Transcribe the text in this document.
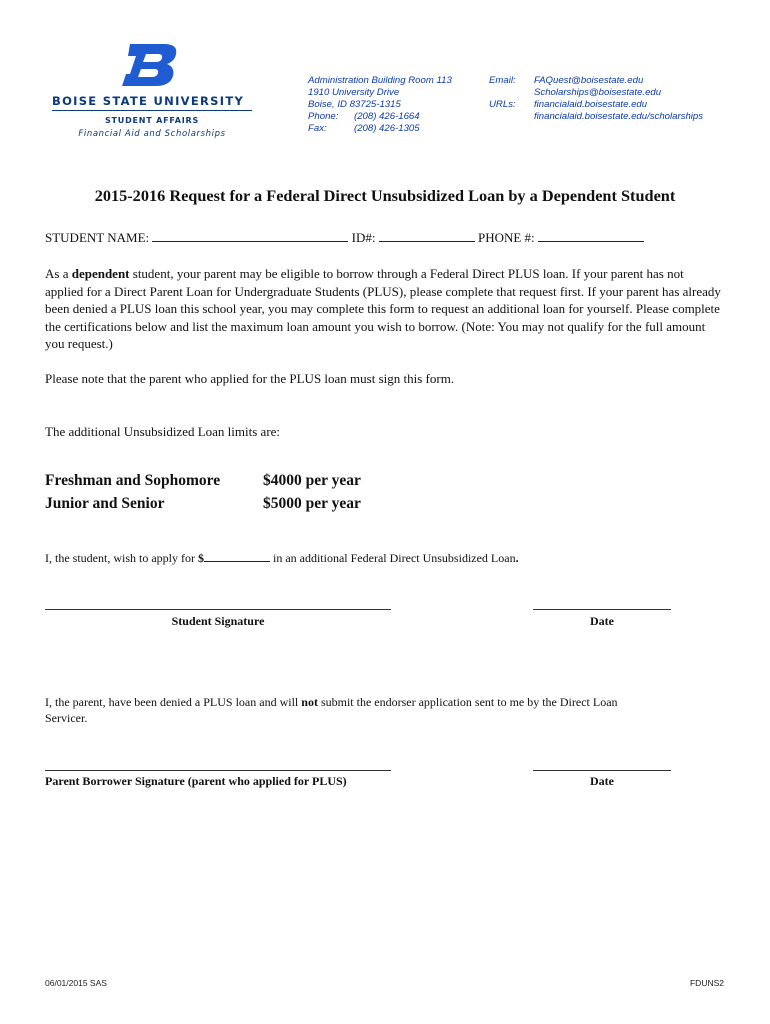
BOISE STATE UNIVERSITY
STUDENT AFFAIRS
Financial Aid and Scholarships
Administration Building Room 113
1910 University Drive
Boise, ID 83725-1315
Phone: (208) 426-1664
Fax:	(208) 426-1305
Email: FAQuest@boisestate.edu
Scholarships@boisestate.edu
URLs: financialaid.boisestate.edu
financialaid.boisestate.edu/scholarships
2015-2016 Request for a Federal Direct Unsubsidized Loan by a Dependent Student
STUDENT NAME:	ID#:	PHONE #:
As a dependent student, your parent may be eligible to borrow through a Federal Direct PLUS loan. If your parent has not applied for a Direct Parent Loan for Undergraduate Students (PLUS), please complete that request first. If your parent has already been denied a PLUS loan this school year, you may complete this form to request an additional loan for yourself. Please complete the certifications below and list the maximum loan amount you wish to borrow. (Note: You may not qualify for the full amount you request.)
Please note that the parent who applied for the PLUS loan must sign this form.
The additional Unsubsidized Loan limits are:
Freshman and Sophomore	$4000 per year
Junior and Senior	$5000 per year
I, the student, wish to apply for $	in an additional Federal Direct Unsubsidized Loan.
Student Signature	Date
I, the parent, have been denied a PLUS loan and will not submit the endorser application sent to me by the Direct Loan Servicer.
Parent Borrower Signature (parent who applied for PLUS)	Date
06/01/2015 SAS	FDUNS2
